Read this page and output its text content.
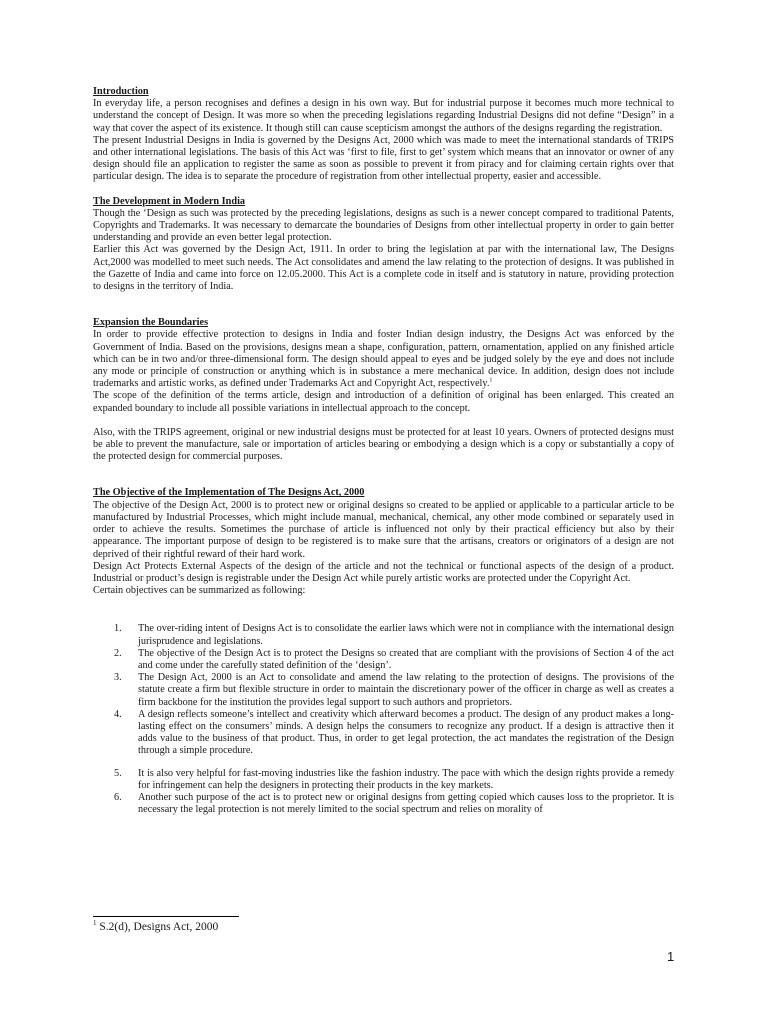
Introduction
In everyday life, a person recognises and defines a design in his own way. But for industrial purpose it becomes much more technical to understand the concept of Design. It was more so when the preceding legislations regarding Industrial Designs did not define “Design” in a way that cover the aspect of its existence. It though still can cause scepticism amongst the authors of the designs regarding the registration.
The present Industrial Designs in India is governed by the Designs Act, 2000 which was made to meet the international standards of TRIPS and other international legislations. The basis of this Act was ‘first to file, first to get’ system which means that an innovator or owner of any design should file an application to register the same as soon as possible to prevent it from piracy and for claiming certain rights over that particular design. The idea is to separate the procedure of registration from other intellectual property, easier and accessible.
The Development in Modern India
Though the ‘Design as such was protected by the preceding legislations, designs as such is a newer concept compared to traditional Patents, Copyrights and Trademarks. It was necessary to demarcate the boundaries of Designs from other intellectual property in order to gain better understanding and provide an even better legal protection.
Earlier this Act was governed by the Design Act, 1911. In order to bring the legislation at par with the international law, The Designs Act,2000 was modelled to meet such needs. The Act consolidates and amend the law relating to the protection of designs. It was published in the Gazette of India and came into force on 12.05.2000. This Act is a complete code in itself and is statutory in nature, providing protection to designs in the territory of India.
Expansion the Boundaries
In order to provide effective protection to designs in India and foster Indian design industry, the Designs Act was enforced by the Government of India. Based on the provisions, designs mean a shape, configuration, pattern, ornamentation, applied on any finished article which can be in two and/or three-dimensional form. The design should appeal to eyes and be judged solely by the eye and does not include any mode or principle of construction or anything which is in substance a mere mechanical device. In addition, design does not include trademarks and artistic works, as defined under Trademarks Act and Copyright Act, respectively.$^1$
The scope of the definition of the terms article, design and introduction of a definition of original has been enlarged. This created an expanded boundary to include all possible variations in intellectual approach to the concept.
Also, with the TRIPS agreement, original or new industrial designs must be protected for at least 10 years. Owners of protected designs must be able to prevent the manufacture, sale or importation of articles bearing or embodying a design which is a copy or substantially a copy of the protected design for commercial purposes.
The Objective of the Implementation of The Designs Act, 2000
The objective of the Design Act, 2000 is to protect new or original designs so created to be applied or applicable to a particular article to be manufactured by Industrial Processes, which might include manual, mechanical, chemical, any other mode combined or separately used in order to achieve the results. Sometimes the purchase of article is influenced not only by their practical efficiency but also by their appearance. The important purpose of design to be registered is to make sure that the artisans, creators or originators of a design are not deprived of their rightful reward of their hard work.
Design Act Protects External Aspects of the design of the article and not the technical or functional aspects of the design of a product. Industrial or product’s design is registrable under the Design Act while purely artistic works are protected under the Copyright Act.
Certain objectives can be summarized as following:
1. The over-riding intent of Designs Act is to consolidate the earlier laws which were not in compliance with the international design jurisprudence and legislations.
2. The objective of the Design Act is to protect the Designs so created that are compliant with the provisions of Section 4 of the act and come under the carefully stated definition of the ‘design’.
3. The Design Act, 2000 is an Act to consolidate and amend the law relating to the protection of designs. The provisions of the statute create a firm but flexible structure in order to maintain the discretionary power of the officer in charge as well as creates a firm backbone for the institution the provides legal support to such authors and proprietors.
4. A design reflects someone’s intellect and creativity which afterward becomes a product. The design of any product makes a long-lasting effect on the consumers’ minds. A design helps the consumers to recognize any product. If a design is attractive then it adds value to the business of that product. Thus, in order to get legal protection, the act mandates the registration of the Design through a simple procedure.
5. It is also very helpful for fast-moving industries like the fashion industry. The pace with which the design rights provide a remedy for infringement can help the designers in protecting their products in the key markets.
6. Another such purpose of the act is to protect new or original designs from getting copied which causes loss to the proprietor. It is necessary the legal protection is not merely limited to the social spectrum and relies on morality of
$^1$ S.2(d), Designs Act, 2000
1
